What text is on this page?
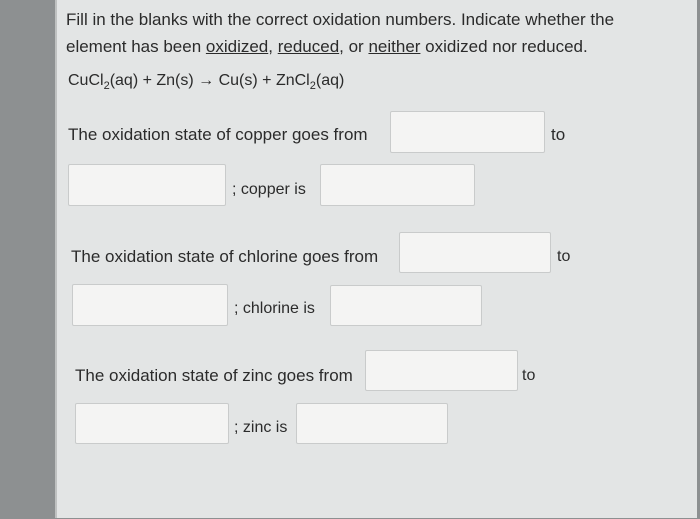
Fill in the blanks with the correct oxidation numbers. Indicate whether the element has been oxidized, reduced, or neither oxidized nor reduced.
CuCl$_2$(aq) + Zn(s) → Cu(s) + ZnCl$_2$(aq)
The oxidation state of copper goes from	to
; copper is
The oxidation state of chlorine goes from	to
; chlorine is
The oxidation state of zinc goes from	to
; zinc is
